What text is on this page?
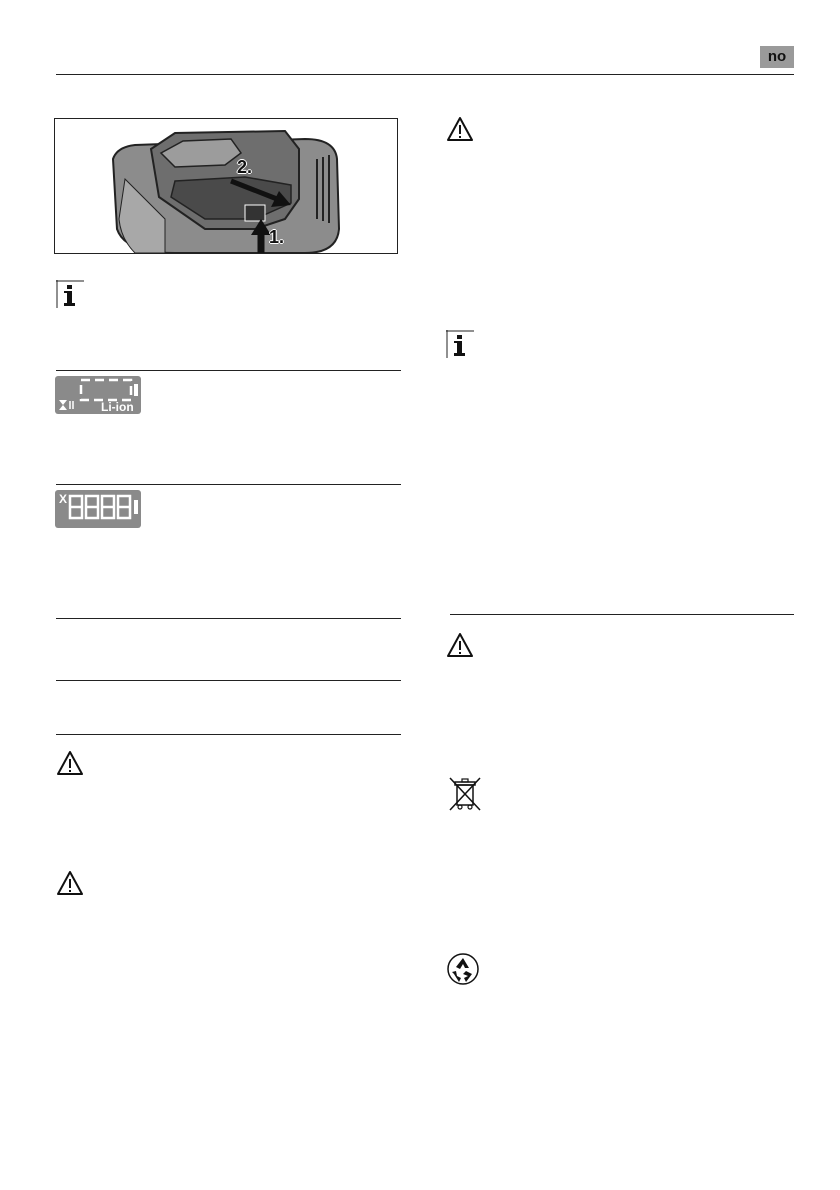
no
2.
1.
Li-ion
X
